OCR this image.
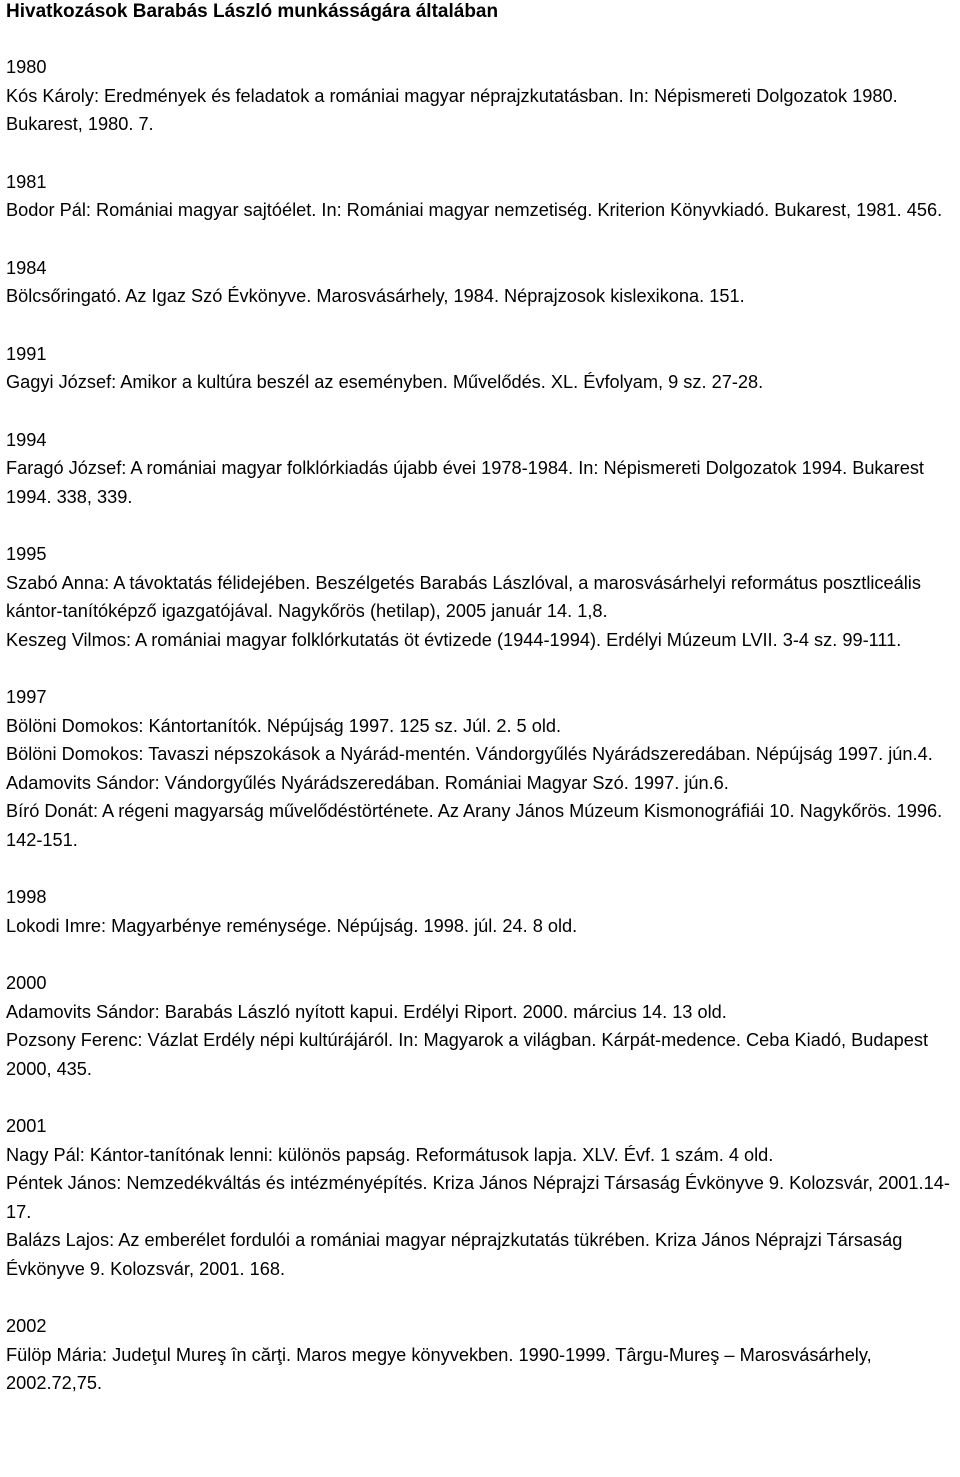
Hivatkozások Barabás László munkásságára általában

1980

Kós Károly: Eredmények és feladatok a romániai magyar néprajzkutatásban. In: Népismereti Dolgozatok 1980. Bukarest, 1980. 7.

1981

Bodor Pál: Romániai magyar sajtóélet. In: Romániai magyar nemzetiség. Kriterion Könyvkiadó. Bukarest, 1981. 456.

1984

Bölcsőringató. Az Igaz Szó Évkönyve. Marosvásárhely, 1984. Néprajzosok kislexikona. 151.

1991

Gagyi József: Amikor a kultúra beszél az eseményben. Művelődés. XL. Évfolyam, 9 sz. 27-28.

1994

Faragó József: A romániai magyar folklórkiadás újabb évei 1978-1984. In: Népismereti Dolgozatok 1994. Bukarest 1994. 338, 339.

1995

Szabó Anna: A távoktatás félidejében. Beszélgetés Barabás Lászlóval, a marosvásárhelyi református posztliceális kántor-tanítóképző igazgatójával. Nagykőrös (hetilap), 2005 január 14. 1,8.

Keszeg Vilmos: A romániai magyar folklórkutatás öt évtizede (1944-1994). Erdélyi Múzeum LVII. 3-4 sz. 99-111.

1997

Bölöni Domokos: Kántortanítók. Népújság 1997. 125 sz. Júl. 2. 5 old.

Bölöni Domokos: Tavaszi népszokások a Nyárád-mentén. Vándorgyűlés Nyárádszeredában. Népújság 1997. jún.4.

Adamovits Sándor: Vándorgyűlés Nyárádszeredában. Romániai Magyar Szó. 1997. jún.6.

Bíró Donát: A régeni magyarság művelődéstörténete. Az Arany János Múzeum Kismonográfiái 10. Nagykőrös. 1996. 142-151.

1998

Lokodi Imre: Magyarbénye reménysége. Népújság. 1998. júl. 24. 8 old.

2000

Adamovits Sándor: Barabás László nyított kapui. Erdélyi Riport. 2000. március 14. 13 old.

Pozsony Ferenc: Vázlat Erdély népi kultúrájáról. In: Magyarok a világban. Kárpát-medence. Ceba Kiadó, Budapest 2000, 435.

2001

Nagy Pál: Kántor-tanítónak lenni: különös papság. Reformátusok lapja. XLV. Évf. 1 szám. 4 old.

Péntek János: Nemzedékváltás és intézményépítés. Kriza János Néprajzi Társaság Évkönyve 9. Kolozsvár, 2001.14-17.

Balázs Lajos: Az emberélet fordulói a romániai magyar néprajzkutatás tükrében. Kriza János Néprajzi Társaság Évkönyve 9. Kolozsvár, 2001. 168.

2002

Fülöp Mária: Judeţul Mureş în cărţi. Maros megye könyvekben. 1990-1999. Târgu-Mureş – Marosvásárhely, 2002.72,75.
